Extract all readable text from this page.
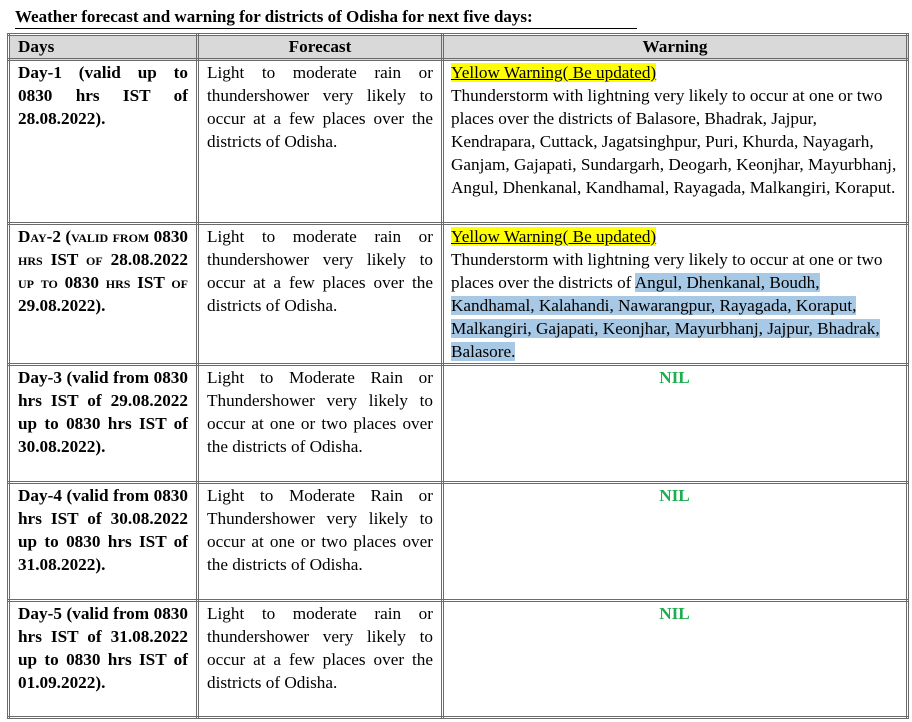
Weather forecast and warning for districts of Odisha for next five days:
Days	Forecast	Warning
Day-1 (valid up to 0830 hrs IST of 28.08.2022).	Light to moderate rain or thundershower very likely to occur at a few places over the districts of Odisha.	Yellow Warning( Be updated)
Thunderstorm with lightning very likely to occur at one or two places over the districts of Balasore, Bhadrak, Jajpur, Kendrapara, Cuttack, Jagatsinghpur, Puri, Khurda, Nayagarh, Ganjam, Gajapati, Sundargarh, Deogarh, Keonjhar, Mayurbhanj, Angul, Dhenkanal, Kandhamal, Rayagada, Malkangiri, Koraput.
Day-2 (valid from 0830 hrs IST of 28.08.2022 up to 0830 hrs IST of 29.08.2022).	Light to moderate rain or thundershower very likely to occur at a few places over the districts of Odisha.	Yellow Warning( Be updated)
Thunderstorm with lightning very likely to occur at one or two places over the districts of Angul, Dhenkanal, Boudh, Kandhamal, Kalahandi, Nawarangpur, Rayagada, Koraput, Malkangiri, Gajapati, Keonjhar, Mayurbhanj, Jajpur, Bhadrak, Balasore.
Day-3 (valid from 0830 hrs IST of 29.08.2022 up to 0830 hrs IST of 30.08.2022).	Light to Moderate Rain or Thundershower very likely to occur at one or two places over the districts of Odisha.	NIL

Day-4 (valid from 0830 hrs IST of 30.08.2022 up to 0830 hrs IST of 31.08.2022).	Light to Moderate Rain or Thundershower very likely to occur at one or two places over the districts of Odisha.	NIL

Day-5 (valid from 0830 hrs IST of 31.08.2022 up to 0830 hrs IST of 01.09.2022).	Light to moderate rain or thundershower very likely to occur at a few places over the districts of Odisha.	NIL
